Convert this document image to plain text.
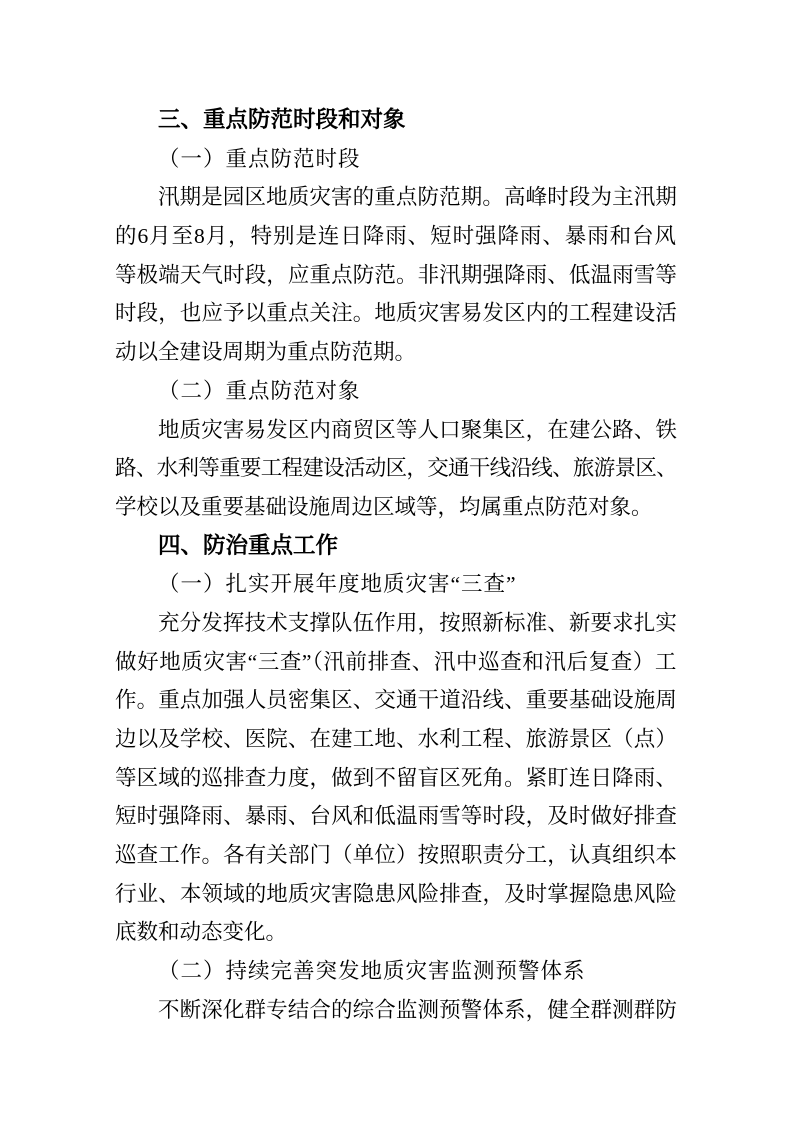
三、重点防范时段和对象
（一）重点防范时段
汛期是园区地质灾害的重点防范期。高峰时段为主汛期
的6月至8月，特别是连日降雨、短时强降雨、暴雨和台风
等极端天气时段，应重点防范。非汛期强降雨、低温雨雪等
时段，也应予以重点关注。地质灾害易发区内的工程建设活
动以全建设周期为重点防范期。
（二）重点防范对象
地质灾害易发区内商贸区等人口聚集区，在建公路、铁
路、水利等重要工程建设活动区，交通干线沿线、旅游景区、
学校以及重要基础设施周边区域等，均属重点防范对象。
四、防治重点工作
（一）扎实开展年度地质灾害“三查”
充分发挥技术支撑队伍作用，按照新标准、新要求扎实
做好地质灾害“三查”（汛前排查、汛中巡查和汛后复查）工
作。重点加强人员密集区、交通干道沿线、重要基础设施周
边以及学校、医院、在建工地、水利工程、旅游景区（点）
等区域的巡排查力度，做到不留盲区死角。紧盯连日降雨、
短时强降雨、暴雨、台风和低温雨雪等时段，及时做好排查
巡查工作。各有关部门（单位）按照职责分工，认真组织本
行业、本领域的地质灾害隐患风险排查，及时掌握隐患风险
底数和动态变化。
（二）持续完善突发地质灾害监测预警体系
不断深化群专结合的综合监测预警体系，健全群测群防
